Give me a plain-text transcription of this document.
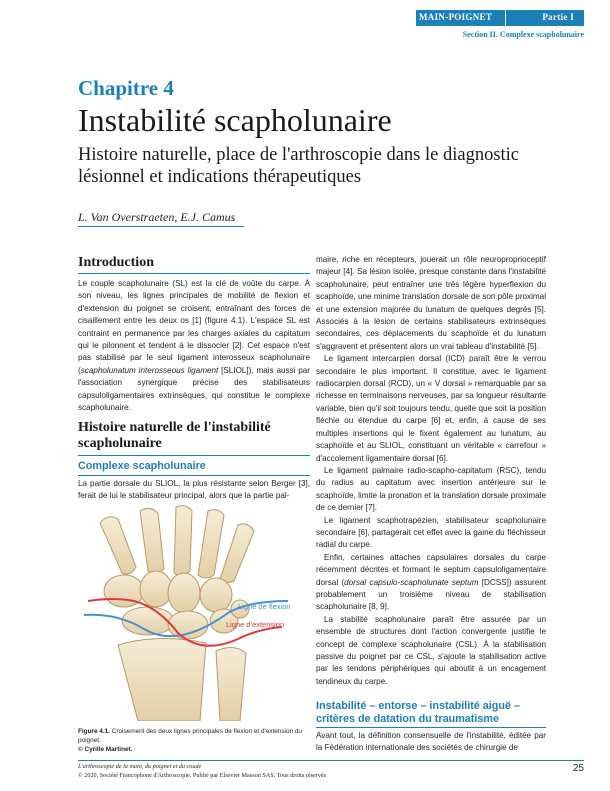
MAIN-POIGNET	Partie I
Section II. Complexe scapholunaire
Chapitre 4
Instabilité scapholunaire
Histoire naturelle, place de l'arthroscopie dans le diagnostic lésionnel et indications thérapeutiques
L. Van Overstraeten, E.J. Camus
Introduction

Le couple scapholunaire (SL) est la clé de voûte du carpe. À son niveau, les lignes principales de mobilité de flexion et d'extension du poignet se croisent, entraînant des forces de cisaillement entre les deux os [1] (figure 4.1). L'espace SL est contraint en permanence par les charges axiales du capitatum qui le pilonnent et tendent à le dissocier [2]. Cet espace n'est pas stabilisé par le seul ligament interosseux scapholunaire (scapholunatum interosseous ligament [SLIOL]), mais aussi par l'association synergique précise des stabilisateurs capsuloligamentaires extrinsèques, qui constitue le complexe scapholunaire.

Histoire naturelle de l'instabilité scapholunaire
Complexe scapholunaire

La partie dorsale du SLIOL, la plus résistante selon Berger [3], ferait de lui le stabilisateur principal, alors que la partie pal-

Ligne de flexion
Ligne d'extension
Figure 4.1. Croisement des deux lignes principales de flexion et d'extension du poignet.
© Cyrille Martinet.

maire, riche en récepteurs, jouerait un rôle neuroproprioceptif majeur [4]. Sa lésion isolée, presque constante dans l'instabilité scapholunaire, peut entraîner une très légère hyperflexion du scaphoïde, une minime translation dorsale de son pôle proximal et une extension majorée du lunatum de quelques degrés [5]. Associés à la lésion de certains stabilisateurs extrinsèques secondaires, ces déplacements du scaphoïde et du lunatum s'aggravent et présentent alors un vrai tableau d'instabilité [5].

Le ligament intercarpien dorsal (ICD) paraît être le verrou secondaire le plus important. Il constitue, avec le ligament radiocarpien dorsal (RCD), un « V dorsal » remarquable par sa richesse en terminaisons nerveuses, par sa longueur résultante variable, bien qu'il soit toujours tendu, quelle que soit la position fléchie ou étendue du carpe [6] et, enfin, à cause de ses multiples insertions qui le fixent également au lunatum, au scaphoïde et au SLIOL, constituant un véritable « carrefour » d'accolement ligamentaire dorsal [6].

Le ligament palmaire radio-scapho-capitatum (RSC), tendu du radius au capitatum avec insertion antérieure sur le scaphoïde, limite la pronation et la translation dorsale proximale de ce dernier [7].

Le ligament scaphotrapézien, stabilisateur scapholunaire secondaire [6], partagerait cet effet avec la gaine du fléchisseur radial du carpe.

Enfin, certaines attaches capsulaires dorsales du carpe récemment décrites et formant le septum capsuloligamentaire dorsal (dorsal capsulo-scapholunate septum [DCSS]) assurent probablement un troisième niveau de stabilisation scapholunaire [8, 9].

La stabilité scapholunaire paraît être assurée par un ensemble de structures dont l'action convergente justifie le concept de complexe scapholunaire (CSL). À la stabilisation passive du poignet par ce CSL, s'ajoute la stabilisation active par les tendons périphériques qui aboutit à un encagement tendineux du carpe.

Instabilité – entorse – instabilité aiguë – critères de datation du traumatisme

Avant tout, la définition consensuelle de l'instabilité, éditée par la Fédération internationale des sociétés de chirurgie de

L'arthroscopie de la main, du poignet et du coude
© 2020, Société Francophone d'Arthroscopie. Publié par Elsevier Masson SAS. Tous droits réservés
25
